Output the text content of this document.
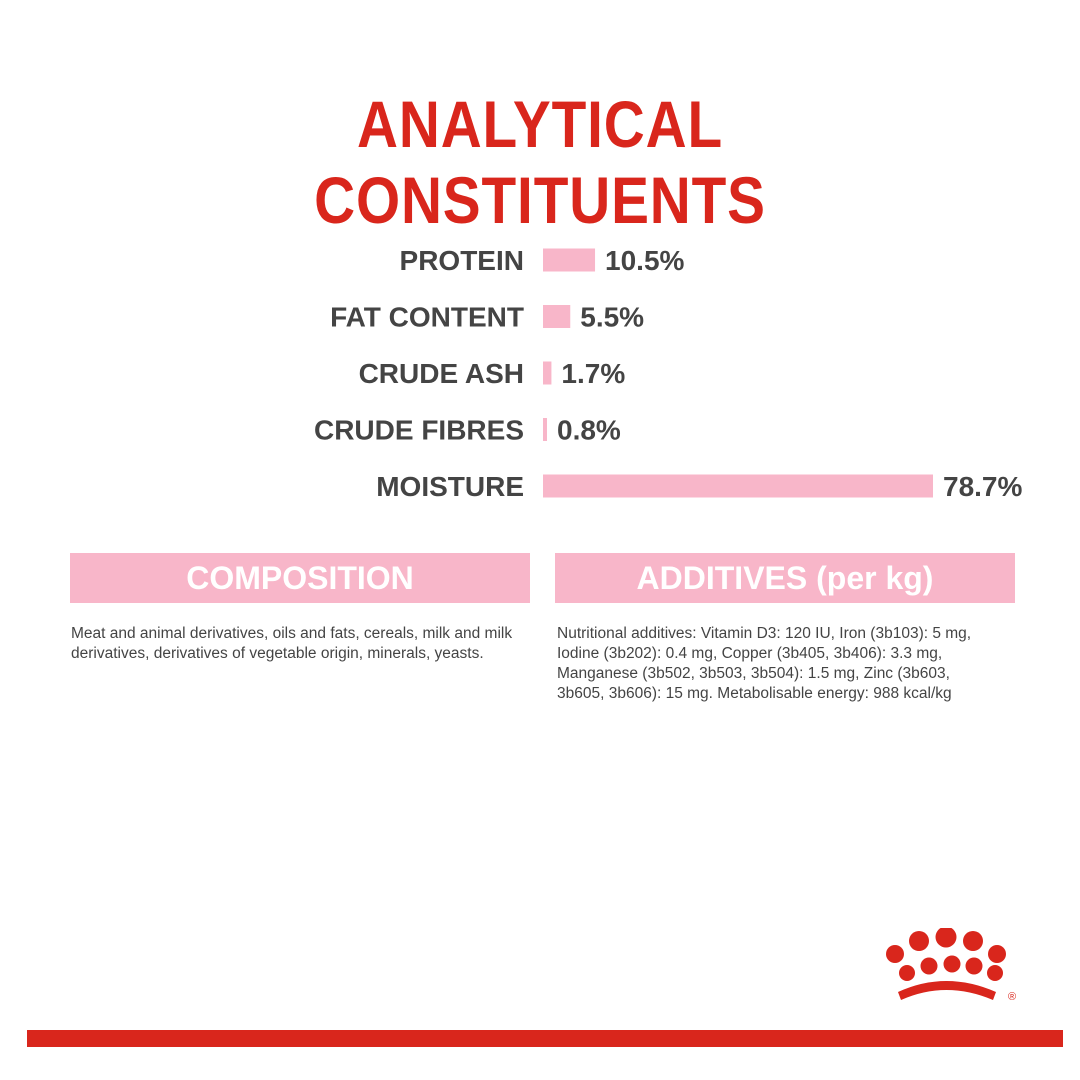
ANALYTICAL
CONSTITUENTS
PROTEIN	10.5%
FAT CONTENT 5.5%
CRUDE ASH 1.7%
CRUDE FIBRES 0.8%
MOISTURE	78.7%
COMPOSITION	ADDITIVES (per kg)
Meat and animal derivatives, oils and fats, cereals, milk and milk derivatives, derivatives of vegetable origin, minerals, yeasts.
Nutritional additives: Vitamin D3: 120 IU, Iron (3b103): 5 mg, Iodine (3b202): 0.4 mg, Copper (3b405, 3b406): 3.3 mg, Manganese (3b502, 3b503, 3b504): 1.5 mg, Zinc (3b603, 3b605, 3b606): 15 mg. Metabolisable energy: 988 kcal/kg
®
